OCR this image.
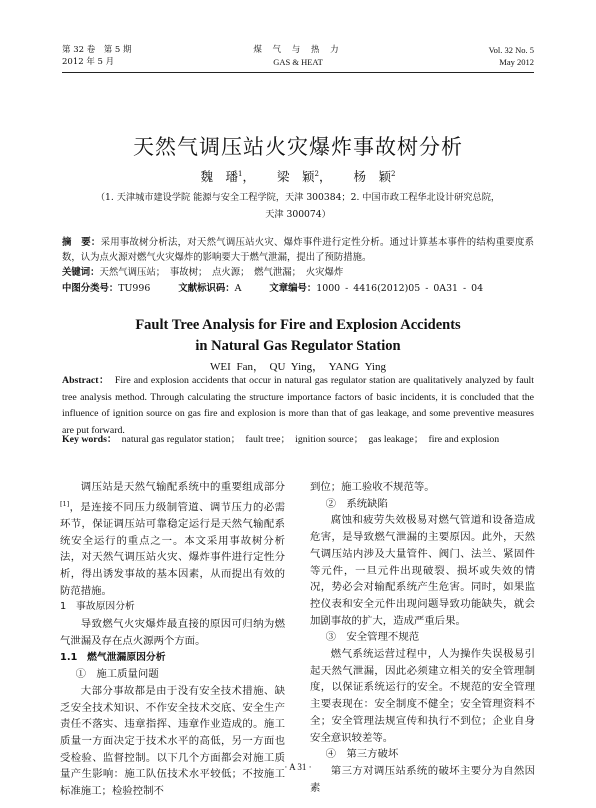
第 32 卷　第 5 期
2012 年 5 月
煤 气 与 热 力
GAS & HEAT
Vol. 32 No. 5
May 2012
天然气调压站火灾爆炸事故树分析
魏　璠$^1$， 梁　颖$^2$， 杨　颖$^2$
（1. 天津城市建设学院 能源与安全工程学院，天津 300384；2. 中国市政工程华北设计研究总院，
天津 300074）
摘　要：采用事故树分析法，对天然气调压站火灾、爆炸事件进行定性分析。通过计算基本事件的结构重要度系数，认为点火源对燃气火灾爆炸的影响要大于燃气泄漏，提出了预防措施。
关键词：天然气调压站；　事故树；　点火源；　燃气泄漏；　火灾爆炸
中图分类号：TU996	文献标识码：A	文章编号：1000 - 4416(2012)05 - 0A31 - 04
Fault Tree Analysis for Fire and Explosion Accidents
in Natural Gas Regulator Station
WEI Fan，　QU Ying，　YANG Ying
Abstract：　 Fire and explosion accidents that occur in natural gas regulator station are qualitatively analyzed by fault tree analysis method. Through calculating the structure importance factors of basic incidents, it is concluded that the influence of ignition source on gas fire and explosion is more than that of gas leakage, and some preventive measures are put forward.
Key words：　 natural gas regulator station；　fault tree；　ignition source；　gas leakage；　fire and explosion

调压站是天然气输配系统中的重要组成部分[1]，是连接不同压力级制管道、调节压力的必需环节，保证调压站可靠稳定运行是天然气输配系统安全运行的重点之一。本文采用事故树分析法，对天然气调压站火灾、爆炸事件进行定性分析，得出诱发事故的基本因素，从而提出有效的防范措施。

1　事故原因分析

导致燃气火灾爆炸最直接的原因可归纳为燃气泄漏及存在点火源两个方面。

1.1　燃气泄漏原因分析

①　施工质量问题

大部分事故都是由于没有安全技术措施、缺乏安全技术知识、不作安全技术交底、安全生产责任不落实、违章指挥、违章作业造成的。施工质量一方面决定于技术水平的高低，另一方面也受检验、监督控制。以下几个方面都会对施工质量产生影响：施工队伍技术水平较低；不按施工标准施工；检验控制不

到位；施工验收不规范等。

②　系统缺陷

腐蚀和疲劳失效极易对燃气管道和设备造成危害，是导致燃气泄漏的主要原因。此外，天然气调压站内涉及大量管件、阀门、法兰、紧固件等元件，一旦元件出现破裂、损坏或失效的情况，势必会对输配系统产生危害。同时，如果监控仪表和安全元件出现问题导致功能缺失，就会加剧事故的扩大，造成严重后果。

③　安全管理不规范

燃气系统运营过程中，人为操作失误极易引起天然气泄漏，因此必须建立相关的安全管理制度，以保证系统运行的安全。不规范的安全管理主要表现在：安全制度不健全；安全管理资料不全；安全管理法规宣传和执行不到位；企业自身安全意识较差等。

④　第三方破坏

第三方对调压站系统的破坏主要分为自然因素

· A 31 ·
